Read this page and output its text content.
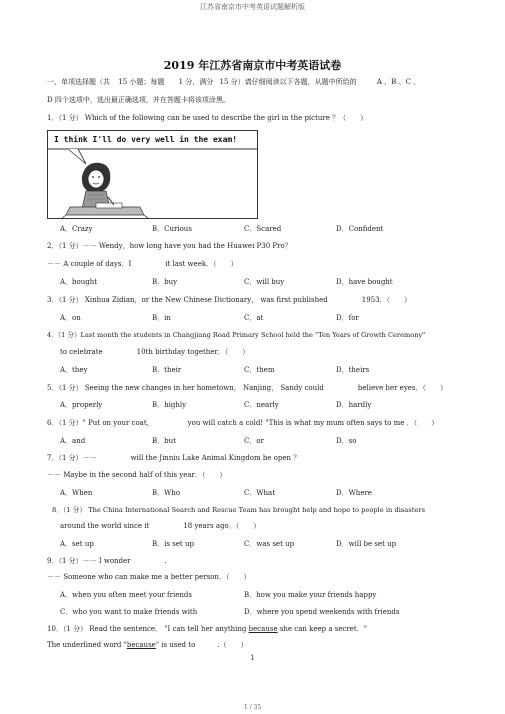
江苏省南京市中考英语试题解析版
2019 年江苏省南京市中考英语试卷
一、单项选择题（共 15 小题；每题 1 分，满分 15 分）请仔细阅读以下各题，从题中所给的	A 、B 、C 、
D 四个选项中，选出最正确选项，并在答题卡将该项涂黑。
1．（1 分） Which of the following can be used to describe the girl in the picture ？（　　）
I think I'll do very well in the exam!
A．Crazy	B．Curious	C．Scared	D．Confident
2．（1 分）－－ Wendy，how long have you had the Huawei P30 Pro？
－－ A couple of days．I	it last week．（　　）
A．bought	B．buy	C．will buy	D．have bought
3．（1 分） Xinhua Zidian，or the New Chinese Dictionary， was first published	1953．（　　）
A．on	B．in	C．at	D．for
4．（1 分）Last month the students in Changjiang Road Primary School held the "Ten Years of Growth Ceremony"
to celebrate	10th birthday together．（　　）
A．they	B．their	C．them	D．theirs
5．（1 分） Seeing the new changes in her hometown， Nanjing， Sandy could	believe her eyes．（　　）
A．properly	B．highly	C．nearly	D．hardly
6．（1 分）" Put on your coat，	you will catch a cold! "This is what my mum often says to me ．（　　）
A．and	B．but	C．or	D．so
7．（1 分）－－	will the Jinniu Lake Animal Kingdom be open ？
－－ Maybe in the second half of this year．（　　）
A．When	B．Who	C．What	D．Where
8．（1 分） The China International Search and Rescue Team has brought help and hope to people in disasters
around the world since it	18 years ago．（　　）
A．set up	B．is set up	C．was set up	D．will be set up
9．（1 分）－－ I wonder	.
－－ Someone who can make me a better person．（　　）
A．when you often meet your friends	B．how you make your friends happy
C．who you want to make friends with	D．where you spend weekends with friends
10．（1 分） Read the sentence． "I can tell her anything because she can keep a secret．"
The underlined word "because" is used to	.（　　）
1
1 / 35
